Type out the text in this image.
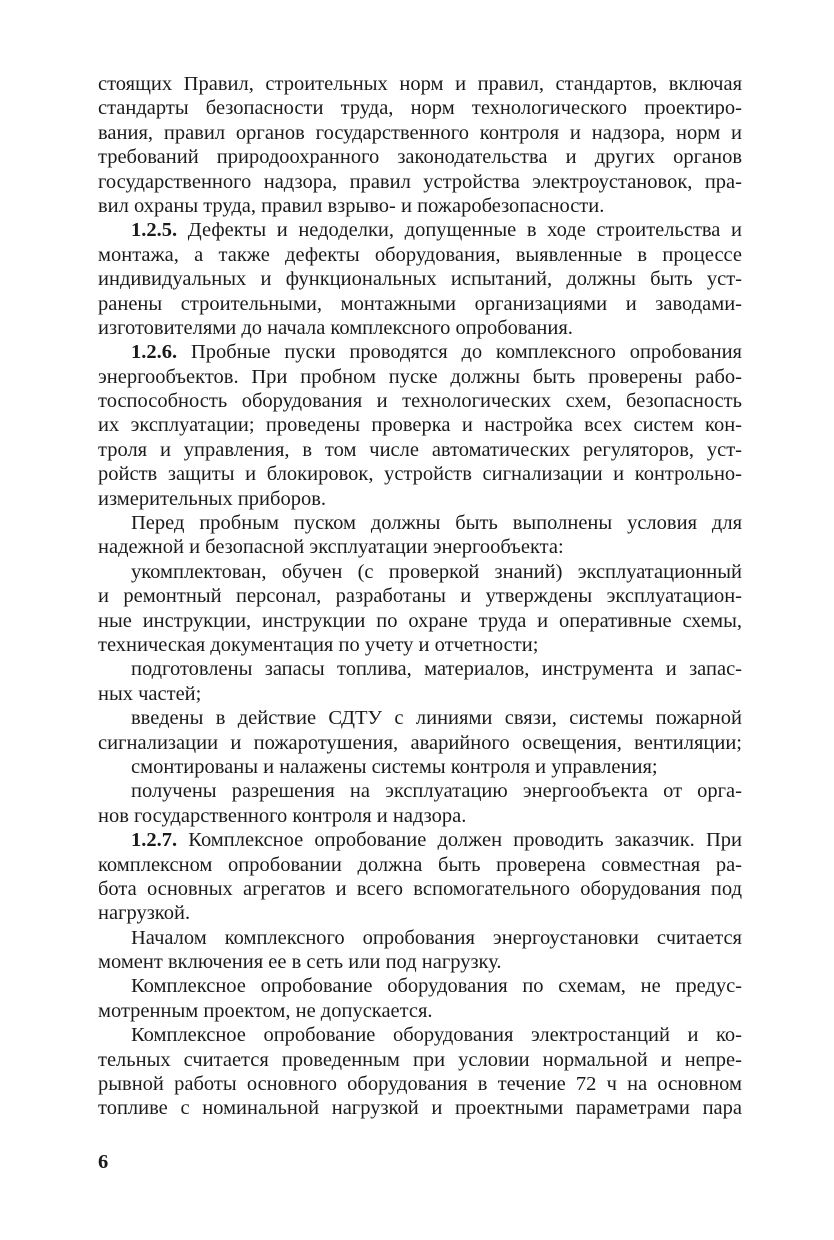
стоящих Правил, строительных норм и правил, стандартов, включая
стандарты безопасности труда, норм технологического проектиро-
вания, правил органов государственного контроля и надзора, норм и
требований природоохранного законодательства и других органов
государственного надзора, правил устройства электроустановок, пра-
вил охраны труда, правил взрыво- и пожаробезопасности.
1.2.5. Дефекты и недоделки, допущенные в ходе строительства и
монтажа, а также дефекты оборудования, выявленные в процессе
индивидуальных и функциональных испытаний, должны быть уст-
ранены строительными, монтажными организациями и заводами-
изготовителями до начала комплексного опробования.
1.2.6. Пробные пуски проводятся до комплексного опробования
энергообъектов. При пробном пуске должны быть проверены рабо-
тоспособность оборудования и технологических схем, безопасность
их эксплуатации; проведены проверка и настройка всех систем кон-
троля и управления, в том числе автоматических регуляторов, уст-
ройств защиты и блокировок, устройств сигнализации и контрольно-
измерительных приборов.
Перед пробным пуском должны быть выполнены условия для
надежной и безопасной эксплуатации энергообъекта:
укомплектован, обучен (с проверкой знаний) эксплуатационный
и ремонтный персонал, разработаны и утверждены эксплуатацион-
ные инструкции, инструкции по охране труда и оперативные схемы,
техническая документация по учету и отчетности;
подготовлены запасы топлива, материалов, инструмента и запас-
ных частей;
введены в действие СДТУ с линиями связи, системы пожарной
сигнализации и пожаротушения, аварийного освещения, вентиляции;
смонтированы и налажены системы контроля и управления;
получены разрешения на эксплуатацию энергообъекта от орга-
нов государственного контроля и надзора.
1.2.7. Комплексное опробование должен проводить заказчик. При
комплексном опробовании должна быть проверена совместная ра-
бота основных агрегатов и всего вспомогательного оборудования под
нагрузкой.
Началом комплексного опробования энергоустановки считается
момент включения ее в сеть или под нагрузку.
Комплексное опробование оборудования по схемам, не предус-
мотренным проектом, не допускается.
Комплексное опробование оборудования электростанций и ко-
тельных считается проведенным при условии нормальной и непре-
рывной работы основного оборудования в течение 72 ч на основном
топливе с номинальной нагрузкой и проектными параметрами пара
6
